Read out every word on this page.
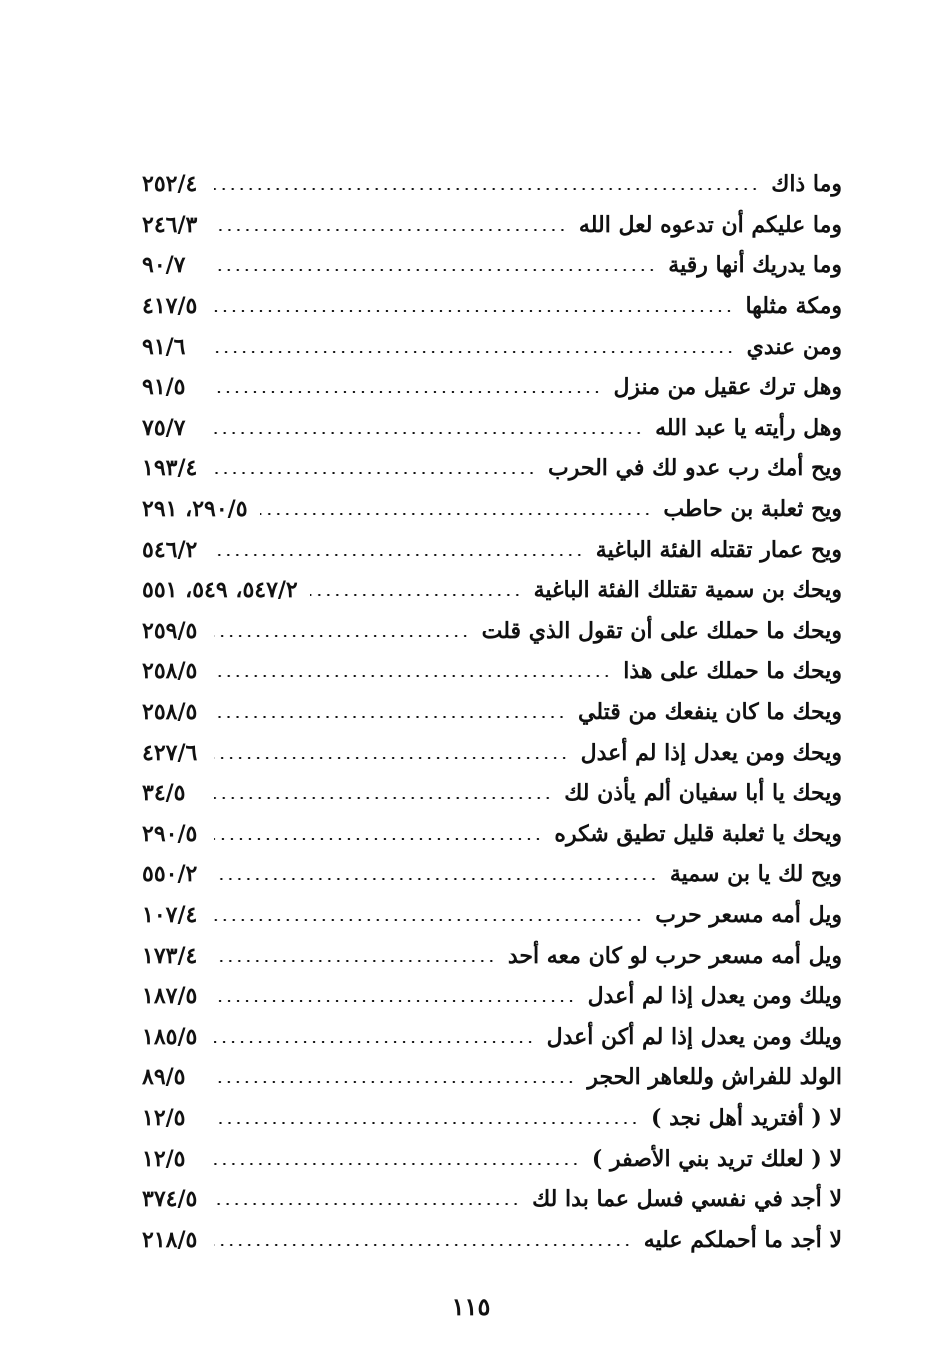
وما ذاك
٢٥٢/٤
وما عليكم أن تدعوه لعل الله
٢٤٦/٣
وما يدريك أنها رقية
٩٠/٧
ومكة مثلها
٤١٧/٥
ومن عندي
٩١/٦
وهل ترك عقيل من منزل
٩١/٥
وهل رأيته يا عبد الله
٧٥/٧
ويح أمك رب عدو لك في الحرب
١٩٣/٤
ويح ثعلبة بن حاطب
٢٩٠/٥، ٢٩١
ويح عمار تقتله الفئة الباغية
٥٤٦/٢
ويحك بن سمية تقتلك الفئة الباغية
٥٤٧/٢، ٥٤٩، ٥٥١
ويحك ما حملك على أن تقول الذي قلت
٢٥٩/٥
ويحك ما حملك على هذا
٢٥٨/٥
ويحك ما كان ينفعك من قتلي
٢٥٨/٥
ويحك ومن يعدل إذا لم أعدل
٤٢٧/٦
ويحك يا أبا سفيان ألم يأذن لك
٣٤/٥
ويحك يا ثعلبة قليل تطيق شكره
٢٩٠/٥
ويح لك يا بن سمية
٥٥٠/٢
ويل أمه مسعر حرب
١٠٧/٤
ويل أمه مسعر حرب لو كان معه أحد
١٧٣/٤
ويلك ومن يعدل إذا لم أعدل
١٨٧/٥
ويلك ومن يعدل إذا لم أكن أعدل
١٨٥/٥
الولد للفراش وللعاهر الحجر
٨٩/٥
لا ( أفتريد أهل نجد )
١٢/٥
لا ( لعلك تريد بني الأصفر )
١٢/٥
لا أجد في نفسي فسل عما بدا لك
٣٧٤/٥
لا أجد ما أحملكم عليه
٢١٨/٥
١١٥
